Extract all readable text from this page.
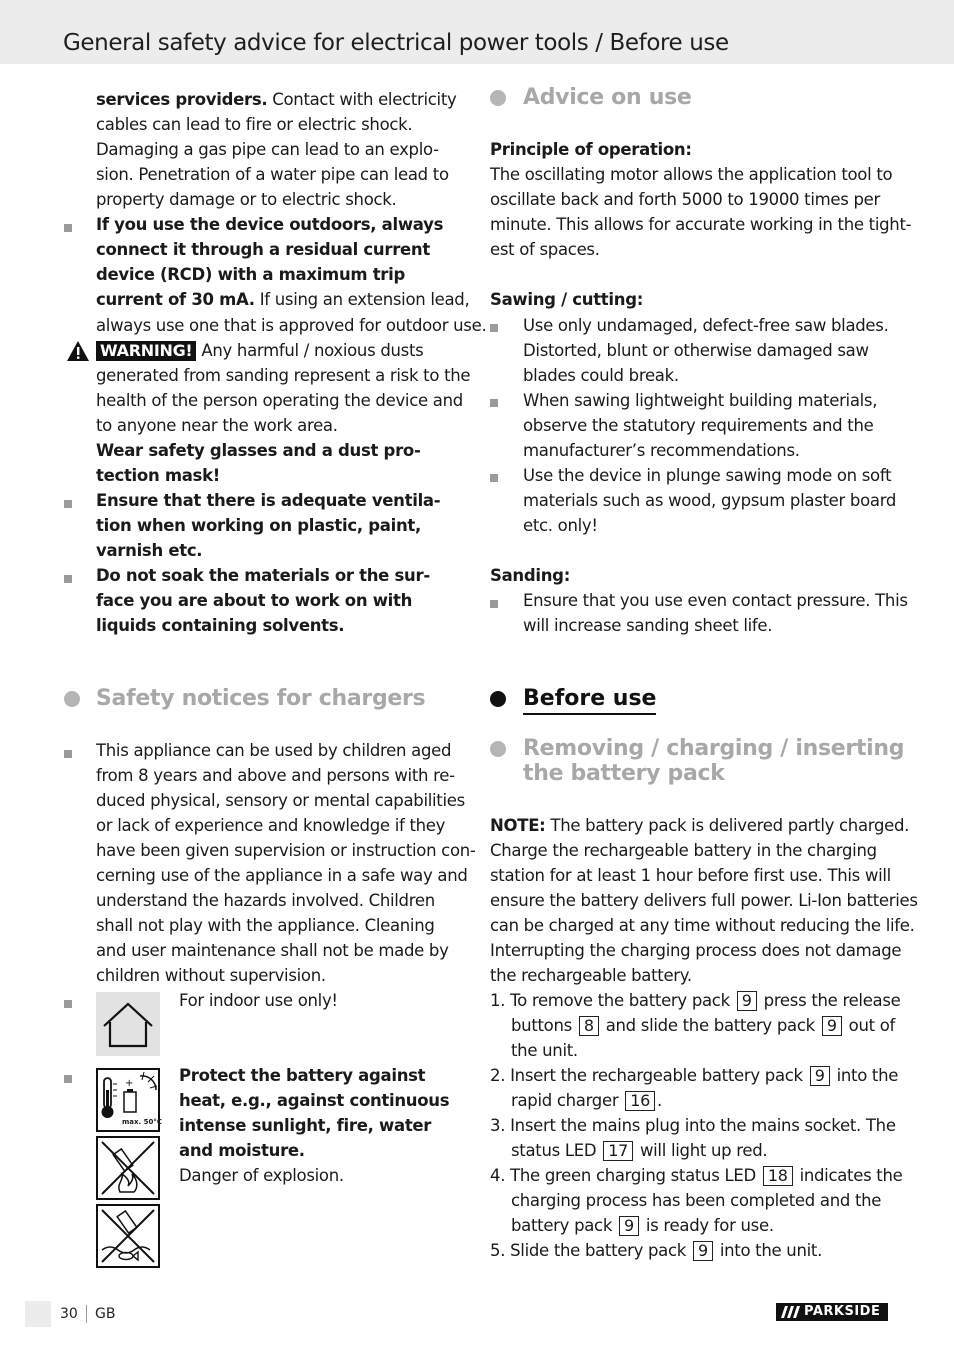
General safety advice for electrical power tools / Before use
services providers. Contact with electricity
cables can lead to fire or electric shock.
Damaging a gas pipe can lead to an explo-
sion. Penetration of a water pipe can lead to
property damage or to electric shock.
If you use the device outdoors, always
connect it through a residual current
device (RCD) with a maximum trip
current of 30 mA. If using an extension lead,
always use one that is approved for outdoor use.
WARNING! Any harmful / noxious dusts
generated from sanding represent a risk to the
health of the person operating the device and
to anyone near the work area.
Wear safety glasses and a dust pro-
tection mask!
Ensure that there is adequate ventila-
tion when working on plastic, paint,
varnish etc.
Do not soak the materials or the sur-
face you are about to work on with
liquids containing solvents.
Safety notices for chargers
This appliance can be used by children aged
from 8 years and above and persons with re-
duced physical, sensory or mental capabilities
or lack of experience and knowledge if they
have been given supervision or instruction con-
cerning use of the appliance in a safe way and
understand the hazards involved. Children
shall not play with the appliance. Cleaning
and user maintenance shall not be made by
children without supervision.
For indoor use only!
+
max. 50°C
Protect the battery against
heat, e.g., against continuous
intense sunlight, fire, water
and moisture.
Danger of explosion.
Advice on use
Principle of operation:
The oscillating motor allows the application tool to
oscillate back and forth 5000 to 19000 times per
minute. This allows for accurate working in the tight-
est of spaces.
Sawing / cutting:
Use only undamaged, defect-free saw blades.
Distorted, blunt or otherwise damaged saw
blades could break.
When sawing lightweight building materials,
observe the statutory requirements and the
manufacturer’s recommendations.
Use the device in plunge sawing mode on soft
materials such as wood, gypsum plaster board
etc. only!
Sanding:
Ensure that you use even contact pressure. This
will increase sanding sheet life.
Before use
Removing / charging / inserting
the battery pack
NOTE: The battery pack is delivered partly charged.
Charge the rechargeable battery in the charging
station for at least 1 hour before first use. This will
ensure the battery delivers full power. Li-Ion batteries
can be charged at any time without reducing the life.
Interrupting the charging process does not damage
the rechargeable battery.
1. To remove the battery pack 9 press the release
buttons 8 and slide the battery pack 9 out of
the unit.
2. Insert the rechargeable battery pack 9 into the
rapid charger 16 .
3. Insert the mains plug into the mains socket. The
status LED 17 will light up red.
4. The green charging status LED 18 indicates the
charging process has been completed and the
battery pack 9 is ready for use.
5. Slide the battery pack 9 into the unit.
30 GB	PARKSIDE
